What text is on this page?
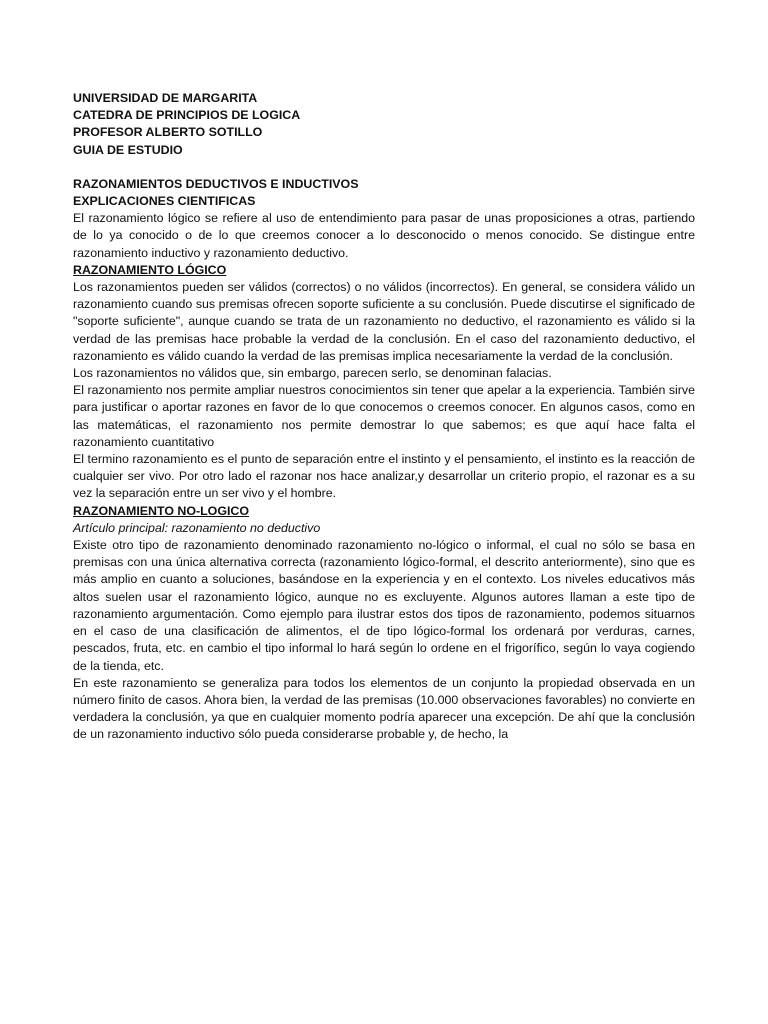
UNIVERSIDAD DE MARGARITA

CATEDRA DE PRINCIPIOS DE LOGICA

PROFESOR ALBERTO SOTILLO

GUIA DE ESTUDIO

RAZONAMIENTOS DEDUCTIVOS E INDUCTIVOS

EXPLICACIONES CIENTIFICAS

El razonamiento lógico se refiere al uso de entendimiento para pasar de unas proposiciones a otras, partiendo de lo ya conocido o de lo que creemos conocer a lo desconocido o menos conocido. Se distingue entre razonamiento inductivo y razonamiento deductivo.

RAZONAMIENTO LÓGICO

Los razonamientos pueden ser válidos (correctos) o no válidos (incorrectos). En general, se considera válido un razonamiento cuando sus premisas ofrecen soporte suficiente a su conclusión. Puede discutirse el significado de "soporte suficiente", aunque cuando se trata de un razonamiento no deductivo, el razonamiento es válido si la verdad de las premisas hace probable la verdad de la conclusión. En el caso del razonamiento deductivo, el razonamiento es válido cuando la verdad de las premisas implica necesariamente la verdad de la conclusión.

Los razonamientos no válidos que, sin embargo, parecen serlo, se denominan falacias.

El razonamiento nos permite ampliar nuestros conocimientos sin tener que apelar a la experiencia. También sirve para justificar o aportar razones en favor de lo que conocemos o creemos conocer. En algunos casos, como en las matemáticas, el razonamiento nos permite demostrar lo que sabemos; es que aquí hace falta el razonamiento cuantitativo

El termino razonamiento es el punto de separación entre el instinto y el pensamiento, el instinto es la reacción de cualquier ser vivo. Por otro lado el razonar nos hace analizar,y desarrollar un criterio propio, el razonar es a su vez la separación entre un ser vivo y el hombre.

RAZONAMIENTO NO-LOGICO

Artículo principal: razonamiento no deductivo

Existe otro tipo de razonamiento denominado razonamiento no-lógico o informal, el cual no sólo se basa en premisas con una única alternativa correcta (razonamiento lógico-formal, el descrito anteriormente), sino que es más amplio en cuanto a soluciones, basándose en la experiencia y en el contexto. Los niveles educativos más altos suelen usar el razonamiento lógico, aunque no es excluyente. Algunos autores llaman a este tipo de razonamiento argumentación. Como ejemplo para ilustrar estos dos tipos de razonamiento, podemos situarnos en el caso de una clasificación de alimentos, el de tipo lógico-formal los ordenará por verduras, carnes, pescados, fruta, etc. en cambio el tipo informal lo hará según lo ordene en el frigorífico, según lo vaya cogiendo de la tienda, etc.

En este razonamiento se generaliza para todos los elementos de un conjunto la propiedad observada en un número finito de casos. Ahora bien, la verdad de las premisas (10.000 observaciones favorables) no convierte en verdadera la conclusión, ya que en cualquier momento podría aparecer una excepción. De ahí que la conclusión de un razonamiento inductivo sólo pueda considerarse probable y, de hecho, la
